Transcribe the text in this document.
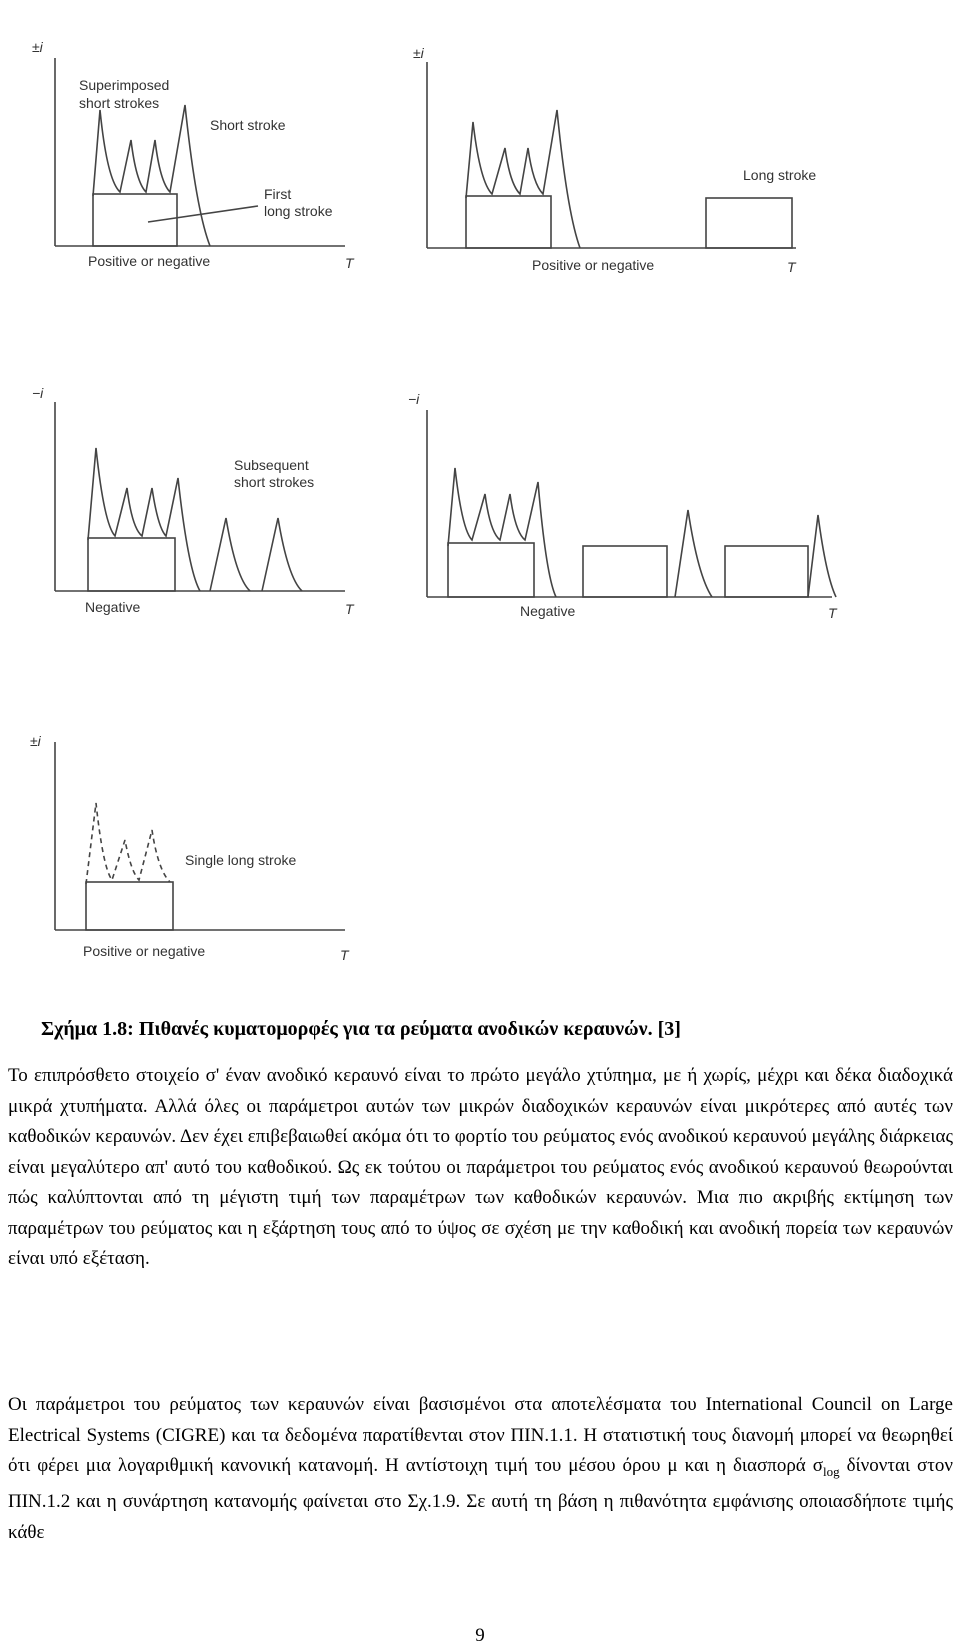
±i
Superimposed
short strokes
Short stroke
First
long stroke
Positive or negative	T
±i
Long stroke
Positive or negative	T
−i
Subsequent
short strokes
Negative	T
−i
Negative	T
±i
Single long stroke
Positive or negative	T
Σχήμα 1.8: Πιθανές κυματομορφές για τα ρεύματα ανοδικών κεραυνών. [3]

Το επιπρόσθετο στοιχείο σ' έναν ανοδικό κεραυνό είναι το πρώτο μεγάλο χτύπημα, με ή χωρίς, μέχρι και δέκα διαδοχικά μικρά χτυπήματα. Αλλά όλες οι παράμετροι αυτών των μικρών διαδοχικών κεραυνών είναι μικρότερες από αυτές των καθοδικών κεραυνών. Δεν έχει επιβεβαιωθεί ακόμα ότι το φορτίο του ρεύματος ενός ανοδικού κεραυνού μεγάλης διάρκειας είναι μεγαλύτερο απ' αυτό του καθοδικού. Ως εκ τούτου οι παράμετροι του ρεύματος ενός ανοδικού κεραυνού θεωρούνται πώς καλύπτονται από τη μέγιστη τιμή των παραμέτρων των καθοδικών κεραυνών. Μια πιο ακριβής εκτίμηση των παραμέτρων του ρεύματος και η εξάρτηση τους από το ύψος σε σχέση με την καθοδική και ανοδική πορεία των κεραυνών είναι υπό εξέταση.

Οι παράμετροι του ρεύματος των κεραυνών είναι βασισμένοι στα αποτελέσματα του International Council on Large Electrical Systems (CIGRE) και τα δεδομένα παρατίθενται στον ΠΙΝ.1.1. Η στατιστική τους διανομή μπορεί να θεωρηθεί ότι φέρει μια λογαριθμική κανονική κατανομή. Η αντίστοιχη τιμή του μέσου όρου μ και η διασπορά $\sigma_{log}$ δίνονται στον ΠΙΝ.1.2 και η συνάρτηση κατανομής φαίνεται στο Σχ.1.9. Σε αυτή τη βάση η πιθανότητα εμφάνισης οποιασδήποτε τιμής κάθε

9
